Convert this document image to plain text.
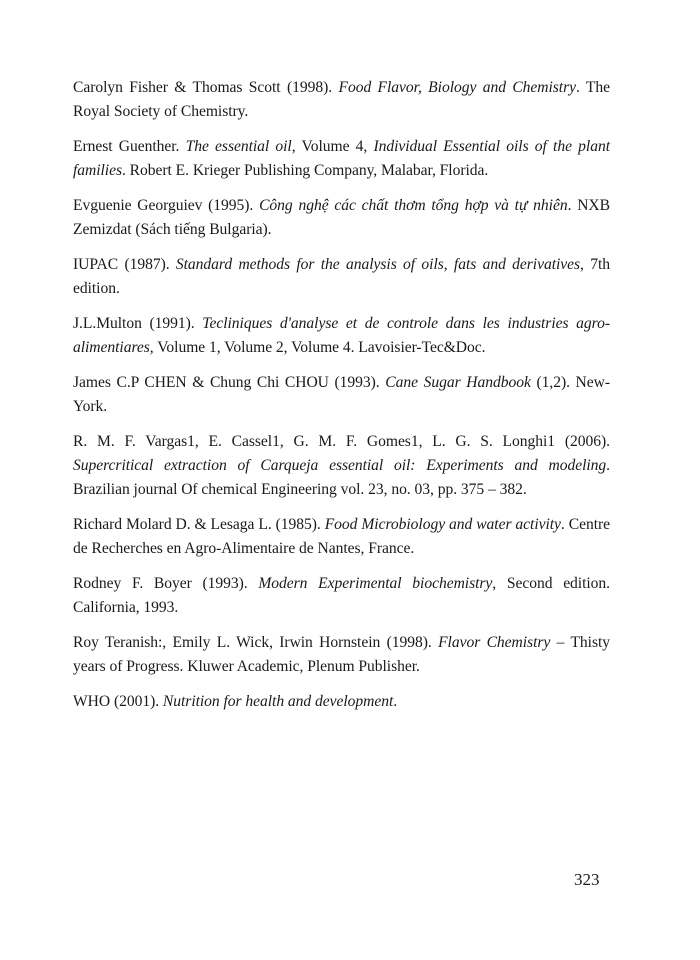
Carolyn Fisher & Thomas Scott (1998). Food Flavor, Biology and Chemistry. The Royal Society of Chemistry.

Ernest Guenther. The essential oil, Volume 4, Individual Essential oils of the plant families. Robert E. Krieger Publishing Company, Malabar, Florida.

Evguenie Georguiev (1995). Công nghệ các chất thơm tổng hợp và tự nhiên. NXB Zemizdat (Sách tiếng Bulgaria).

IUPAC (1987). Standard methods for the analysis of oils, fats and derivatives, 7th edition.

J.L.Multon (1991). Tecliniques d'analyse et de controle dans les industries agro-alimentiares, Volume 1, Volume 2, Volume 4. Lavoisier-Tec&Doc.

James C.P CHEN & Chung Chi CHOU (1993). Cane Sugar Handbook (1,2). New-York.

R. M. F. Vargas1, E. Cassel1, G. M. F. Gomes1, L. G. S. Longhi1 (2006). Supercritical extraction of Carqueja essential oil: Experiments and modeling. Brazilian journal Of chemical Engineering vol. 23, no. 03, pp. 375 – 382.

Richard Molard D. & Lesaga L. (1985). Food Microbiology and water activity. Centre de Recherches en Agro-Alimentaire de Nantes, France.

Rodney F. Boyer (1993). Modern Experimental biochemistry, Second edition. California, 1993.

Roy Teranish:, Emily L. Wick, Irwin Hornstein (1998). Flavor Chemistry – Thisty years of Progress. Kluwer Academic, Plenum Publisher.

WHO (2001). Nutrition for health and development.

323
